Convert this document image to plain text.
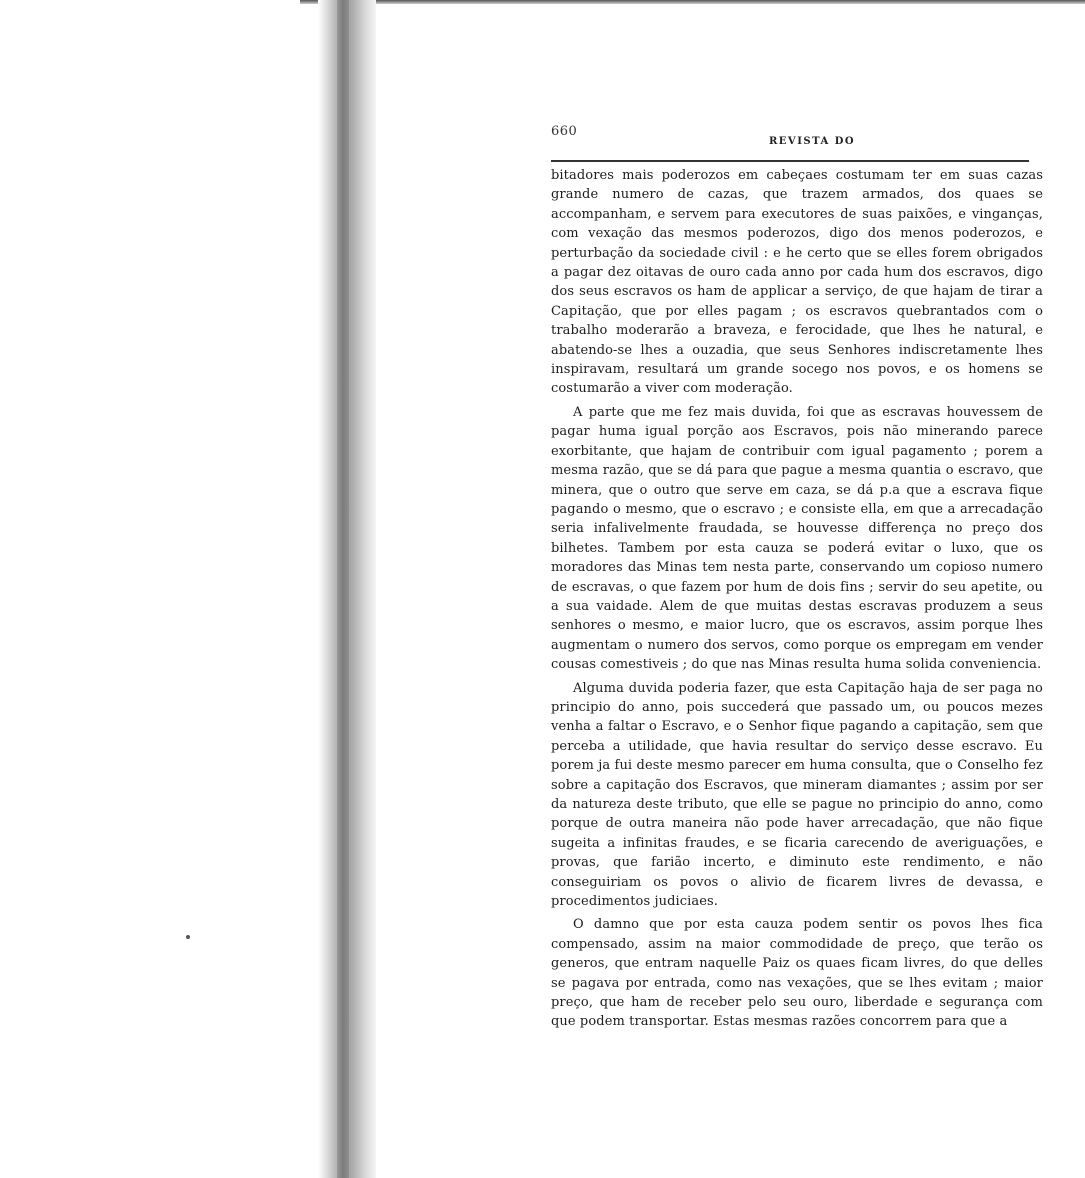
660
REVISTA DO

bitadores mais poderozos em cabeçaes costumam ter em suas cazas grande numero de cazas, que trazem armados, dos quaes se accompanham, e servem para executores de suas paixões, e vinganças, com vexação das mesmos poderozos, digo dos menos poderozos, e perturbação da sociedade civil : e he certo que se elles forem obrigados a pagar dez oitavas de ouro cada anno por cada hum dos escravos, digo dos seus escravos os ham de applicar a serviço, de que hajam de tirar a Capitação, que por elles pagam ; os escravos quebrantados com o trabalho moderarão a braveza, e ferocidade, que lhes he natural, e abatendo-se lhes a ouzadia, que seus Senhores indiscretamente lhes inspiravam, resultará um grande socego nos povos, e os homens se costumarão a viver com moderação.

A parte que me fez mais duvida, foi que as escravas houvessem de pagar huma igual porção aos Escravos, pois não minerando parece exorbitante, que hajam de contribuir com igual pagamento ; porem a mesma razão, que se dá para que pague a mesma quantia o escravo, que minera, que o outro que serve em caza, se dá p.a que a escrava fique pagando o mesmo, que o escravo ; e consiste ella, em que a arrecadação seria infalivelmente fraudada, se houvesse differença no preço dos bilhetes. Tambem por esta cauza se poderá evitar o luxo, que os moradores das Minas tem nesta parte, conservando um copioso numero de escravas, o que fazem por hum de dois fins ; servir do seu apetite, ou a sua vaidade. Alem de que muitas destas escravas produzem a seus senhores o mesmo, e maior lucro, que os escravos, assim porque lhes augmentam o numero dos servos, como porque os empregam em vender cousas comestiveis ; do que nas Minas resulta huma solida conveniencia.

Alguma duvida poderia fazer, que esta Capitação haja de ser paga no principio do anno, pois succederá que passado um, ou poucos mezes venha a faltar o Escravo, e o Senhor fique pagando a capitação, sem que perceba a utilidade, que havia resultar do serviço desse escravo. Eu porem ja fui deste mesmo parecer em huma consulta, que o Conselho fez sobre a capitação dos Escravos, que mineram diamantes ; assim por ser da natureza deste tributo, que elle se pague no principio do anno, como porque de outra maneira não pode haver arrecadação, que não fique sugeita a infinitas fraudes, e se ficaria carecendo de averiguações, e provas, que farião incerto, e diminuto este rendimento, e não conseguiriam os povos o alivio de ficarem livres de devassa, e procedimentos judiciaes.

O damno que por esta cauza podem sentir os povos lhes fica compensado, assim na maior commodidade de preço, que terão os generos, que entram naquelle Paiz os quaes ficam livres, do que delles se pagava por entrada, como nas vexações, que se lhes evitam ; maior preço, que ham de receber pelo seu ouro, liberdade e segurança com que podem transportar. Estas mesmas razões concorrem para que a
